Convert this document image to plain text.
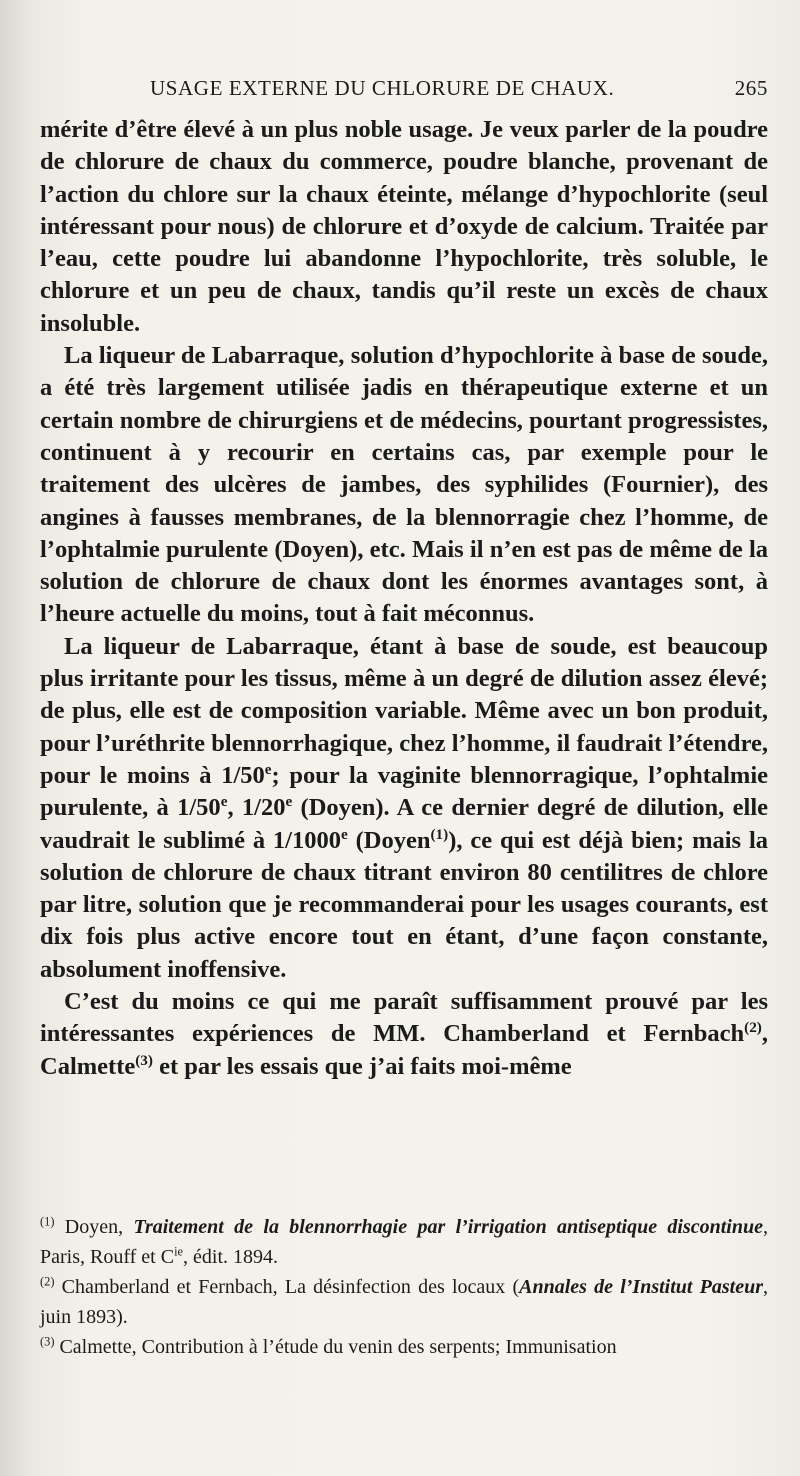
USAGE EXTERNE DU CHLORURE DE CHAUX.	265

mérite d’être élevé à un plus noble usage. Je veux parler de la poudre de chlorure de chaux du commerce, poudre blanche, provenant de l’action du chlore sur la chaux éteinte, mélange d’hypochlorite (seul intéressant pour nous) de chlorure et d’oxyde de calcium. Traitée par l’eau, cette poudre lui abandonne l’hypochlorite, très soluble, le chlorure et un peu de chaux, tandis qu’il reste un excès de chaux insoluble.

La liqueur de Labarraque, solution d’hypochlorite à base de soude, a été très largement utilisée jadis en thérapeutique externe et un certain nombre de chirurgiens et de médecins, pourtant progressistes, continuent à y recourir en certains cas, par exemple pour le traitement des ulcères de jambes, des syphilides (Fournier), des angines à fausses membranes, de la blennorragie chez l’homme, de l’ophtalmie purulente (Doyen), etc. Mais il n’en est pas de même de la solution de chlorure de chaux dont les énormes avantages sont, à l’heure actuelle du moins, tout à fait méconnus.

La liqueur de Labarraque, étant à base de soude, est beaucoup plus irritante pour les tissus, même à un degré de dilution assez élevé; de plus, elle est de composition variable. Même avec un bon produit, pour l’uréthrite blennorrhagique, chez l’homme, il faudrait l’étendre, pour le moins à 1/50e; pour la vaginite blennorragique, l’ophtalmie purulente, à 1/50e, 1/20e (Doyen). A ce dernier degré de dilution, elle vaudrait le sublimé à 1/1000e (Doyen$^{(1)}$), ce qui est déjà bien; mais la solution de chlorure de chaux titrant environ 80 centilitres de chlore par litre, solution que je recommanderai pour les usages courants, est dix fois plus active encore tout en étant, d’une façon constante, absolument inoffensive.

C’est du moins ce qui me paraît suffisamment prouvé par les intéressantes expériences de MM. Chamberland et Fernbach$^{(2)}$, Calmette$^{(3)}$ et par les essais que j’ai faits moi-même

$^{(1)}$ Doyen, Traitement de la blennorrhagie par l’irrigation antiseptique discontinue, Paris, Rouff et $C^{ie}$, édit. 1894.

$^{(2)}$ Chamberland et Fernbach, La désinfection des locaux (Annales de l’Institut Pasteur, juin 1893).

$^{(3)}$ Calmette, Contribution à l’étude du venin des serpents; Immunisation
